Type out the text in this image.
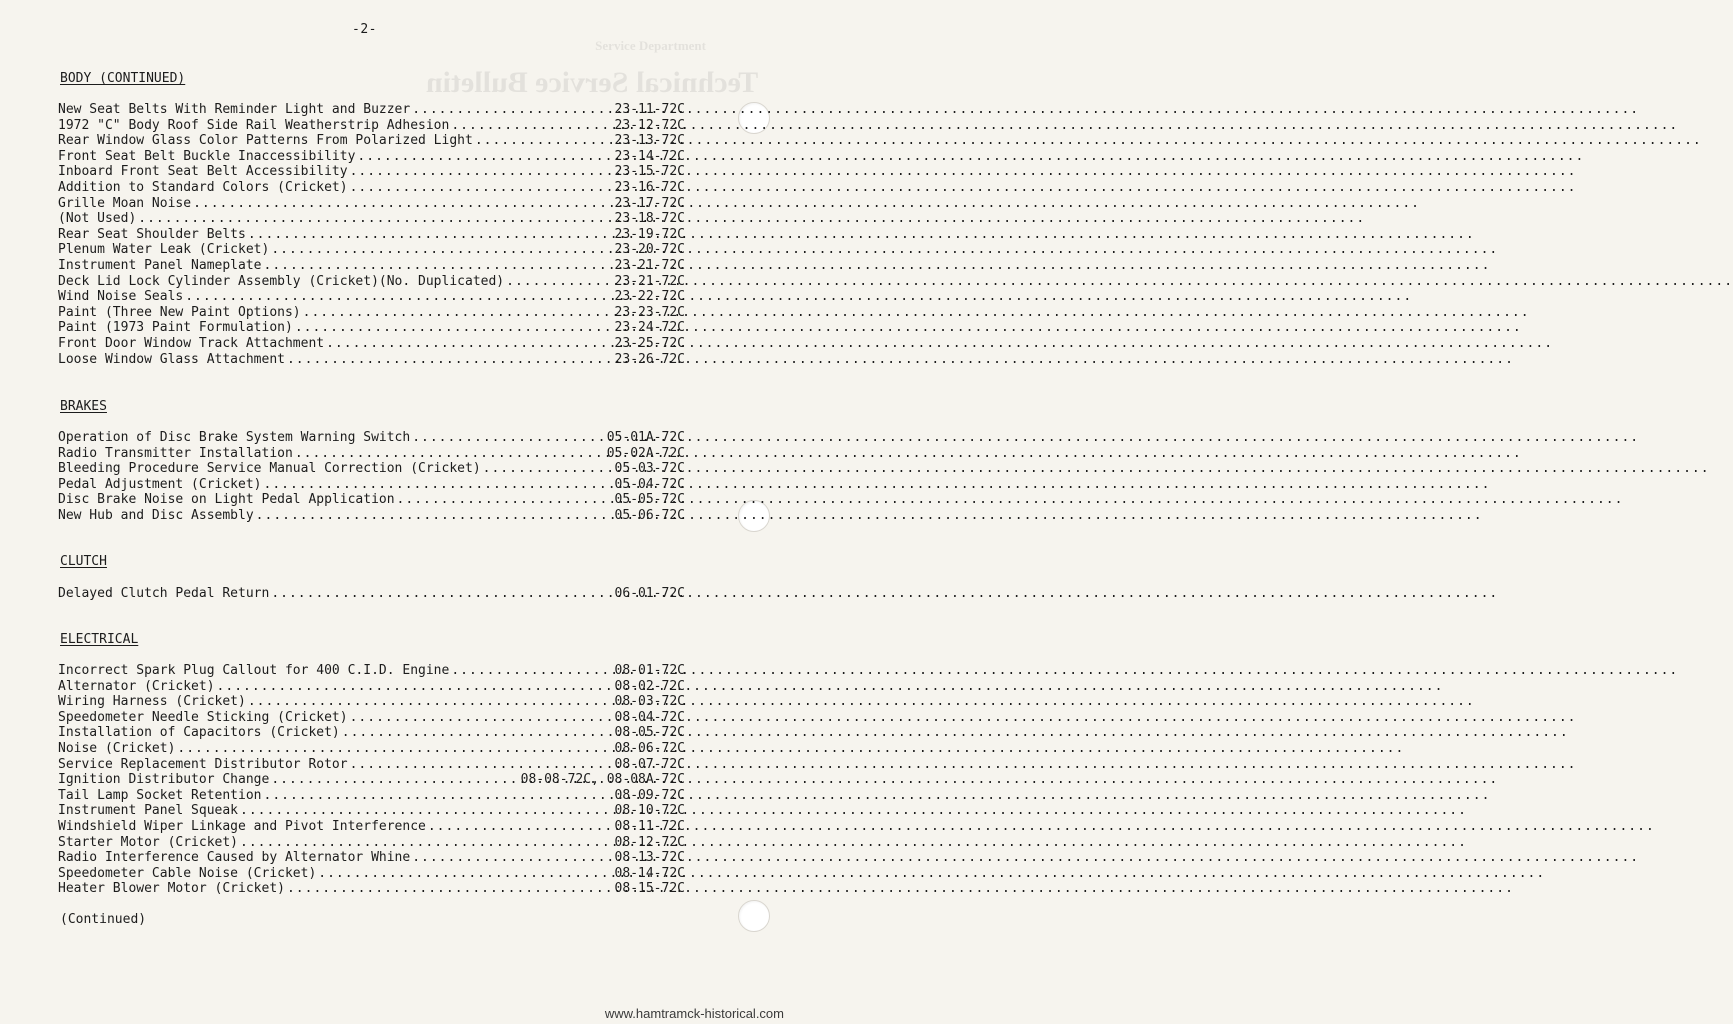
Service Department
Technical Service Bulletin
-2-
BODY (CONTINUED)
New Seat Belts With Reminder Light and Buzzer .....	23-11-72C
1972 "C" Body Roof Side Rail Weatherstrip Adhesion .....	23-12-72C
Rear Window Glass Color Patterns From Polarized Light .....	23-13-72C
Front Seat Belt Buckle Inaccessibility .....	23-14-72C
Inboard Front Seat Belt Accessibility .....	23-15-72C
Addition to Standard Colors (Cricket) .....	23-16-72C
Grille Moan Noise .....	23-17-72C
(Not Used) .....	23-18-72C
Rear Seat Shoulder Belts .....	23-19-72C
Plenum Water Leak (Cricket) .....	23-20-72C
Instrument Panel Nameplate .....	23-21-72C
Deck Lid Lock Cylinder Assembly (Cricket)(No. Duplicated) .....	23-21-72C
Wind Noise Seals .....	23-22-72C
Paint (Three New Paint Options) .....	23-23-72C
Paint (1973 Paint Formulation) .....	23-24-72C
Front Door Window Track Attachment .....	23-25-72C
Loose Window Glass Attachment .....	23-26-72C
BRAKES
Operation of Disc Brake System Warning Switch .....	05-01A-72C
Radio Transmitter Installation .....	05-02A-72C
Bleeding Procedure Service Manual Correction (Cricket) .....	05-03-72C
Pedal Adjustment (Cricket) .....	05-04-72C
Disc Brake Noise on Light Pedal Application .....	05-05-72C
New Hub and Disc Assembly .....	05-06-72C
CLUTCH
Delayed Clutch Pedal Return .....	06-01-72C
ELECTRICAL
Incorrect Spark Plug Callout for 400 C.I.D. Engine .....	08-01-72C
Alternator (Cricket) .....	08-02-72C
Wiring Harness (Cricket) .....	08-03-72C
Speedometer Needle Sticking (Cricket) .....	08-04-72C
Installation of Capacitors (Cricket) .....	08-05-72C
Noise (Cricket) .....	08-06-72C
Service Replacement Distributor Rotor .....	08-07-72C
Ignition Distributor Change .....	08-08-72C, 08-08A-72C
Tail Lamp Socket Retention .....	08-09-72C
Instrument Panel Squeak .....	08-10-72C
Windshield Wiper Linkage and Pivot Interference .....	08-11-72C
Starter Motor (Cricket) .....	08-12-72C
Radio Interference Caused by Alternator Whine .....	08-13-72C
Speedometer Cable Noise (Cricket) .....	08-14-72C
Heater Blower Motor (Cricket) .....	08-15-72C
(Continued)
www.hamtramck-historical.com
